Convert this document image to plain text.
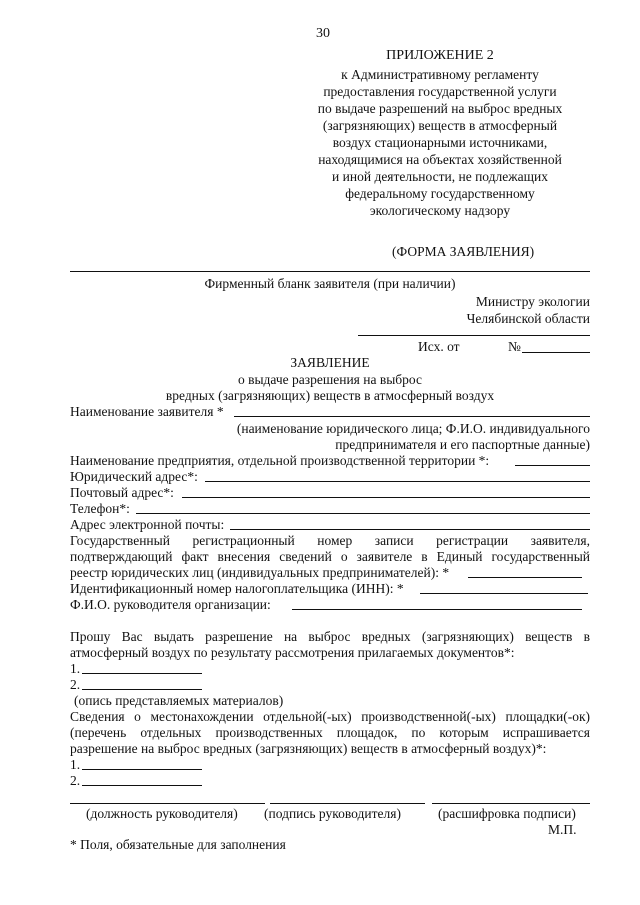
30
ПРИЛОЖЕНИЕ 2
к Административному регламенту
предоставления государственной услуги
по выдаче разрешений на выброс вредных
(загрязняющих) веществ в атмосферный
воздух стационарными источниками,
находящимися на объектах хозяйственной
и иной деятельности, не подлежащих
федеральному государственному
экологическому надзору
(ФОРМА ЗАЯВЛЕНИЯ)
Фирменный бланк заявителя (при наличии)
Министру экологии
Челябинской области
Исх. от	№
ЗАЯВЛЕНИЕ
о выдаче разрешения на выброс
вредных (загрязняющих) веществ в атмосферный воздух
Наименование заявителя *
(наименование юридического лица; Ф.И.О. индивидуального
предпринимателя и его паспортные данные)
Наименование предприятия, отдельной производственной территории *:
Юридический адрес*:
Почтовый адрес*:
Телефон*:
Адрес электронной почты:
Государственный регистрационный номер записи регистрации заявителя,
подтверждающий факт внесения сведений о заявителе в Единый государственный
реестр юридических лиц (индивидуальных предпринимателей): *
Идентификационный номер налогоплательщика (ИНН): *
Ф.И.О. руководителя организации:
Прошу Вас выдать разрешение на выброс вредных (загрязняющих) веществ в
атмосферный воздух по результату рассмотрения прилагаемых документов*:
1.
2.
(опись представляемых материалов)
Сведения о местонахождении отдельной(-ых) производственной(-ых) площадки(-ок)
(перечень отдельных производственных площадок, по которым испрашивается
разрешение на выброс вредных (загрязняющих) веществ в атмосферный воздух)*:
1.
2.
(должность руководителя) (подпись руководителя)	(расшифровка подписи)
М.П.
* Поля, обязательные для заполнения
